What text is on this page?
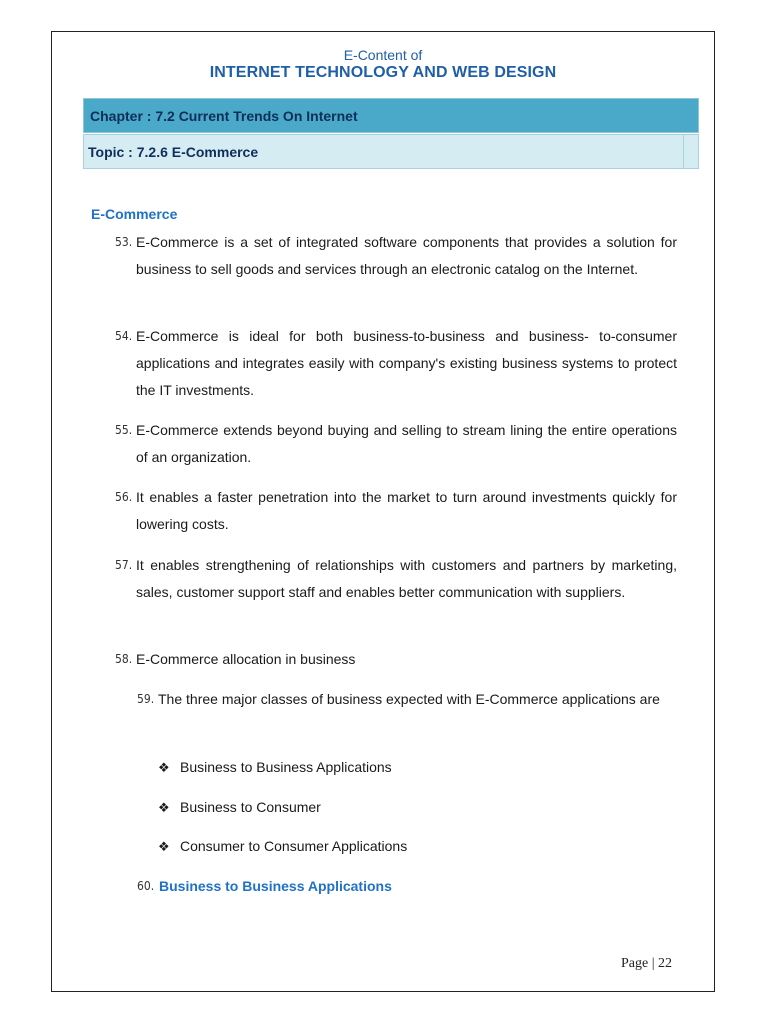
E-Content of
INTERNET TECHNOLOGY AND WEB DESIGN
Chapter : 7.2 Current Trends On Internet
Topic : 7.2.6 E-Commerce
E-Commerce
53. E-Commerce is a set of integrated software components that provides a solution for business to sell goods and services through an electronic catalog on the Internet.
54. E-Commerce is ideal for both business-to-business and business- to-consumer applications and integrates easily with company's existing business systems to protect the IT investments.
55. E-Commerce extends beyond buying and selling to stream lining the entire operations of an organization.
56. It enables a faster penetration into the market to turn around investments quickly for lowering costs.
57. It enables strengthening of relationships with customers and partners by marketing, sales, customer support staff and enables better communication with suppliers.
58. E-Commerce allocation in business
59. The three major classes of business expected with E-Commerce applications are
❖ Business to Business Applications
❖ Business to Consumer
❖ Consumer to Consumer Applications
60. Business to Business Applications
Page | 22
